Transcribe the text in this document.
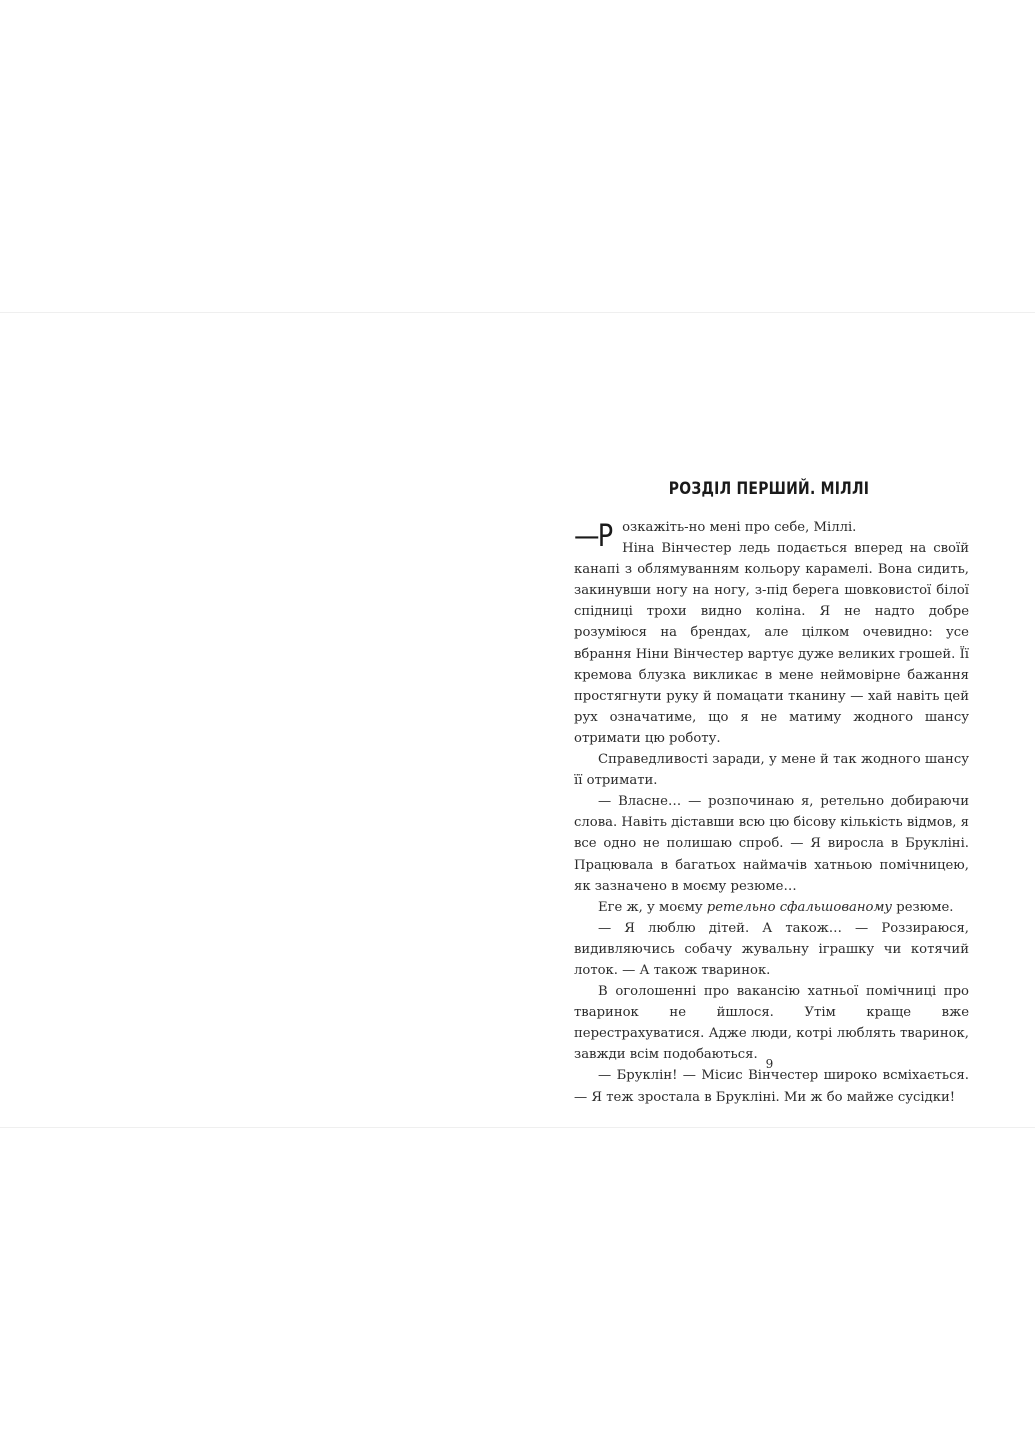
РОЗДІЛ ПЕРШИЙ. МІЛЛІ

—Р озкажіть-но мені про себе, Міллі.

Ніна Вінчестер ледь подається вперед на своїй канапі з облямуванням кольору карамелі. Вона сидить, закинувши ногу на ногу, з-під берега шовковистої білої спідниці трохи видно коліна. Я не надто добре розуміюся на брендах, але цілком очевидно: усе вбрання Ніни Вінчестер вартує дуже великих грошей. Її кремова блузка викликає в мене неймовірне бажання простягнути руку й помацати тканину — хай навіть цей рух означатиме, що я не матиму жодного шансу отримати цю роботу.

Справедливості заради, у мене й так жодного шансу її отримати.

— Власне… — розпочинаю я, ретельно добираючи слова. Навіть діставши всю цю бісову кількість відмов, я все одно не полишаю спроб. — Я виросла в Брукліні. Працювала в багатьох наймачів хатньою помічницею, як зазначено в моєму резюме…

Еге ж, у моєму ретельно сфальшованому резюме.

— Я люблю дітей. А також… — Роззираюся, видивляючись собачу жувальну іграшку чи котячий лоток. — А також тваринок.

В оголошенні про вакансію хатньої помічниці про тваринок не йшлося. Утім краще вже перестрахуватися. Адже люди, котрі люблять тваринок, завжди всім подобаються.

— Бруклін! — Місис Вінчестер широко всміхається. — Я теж зростала в Брукліні. Ми ж бо майже сусідки!

9
